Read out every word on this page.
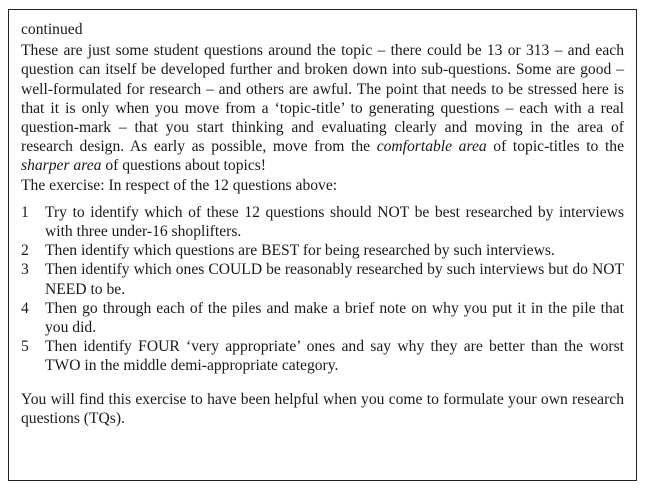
continued

These are just some student questions around the topic – there could be 13 or 313 – and each question can itself be developed further and broken down into sub-questions. Some are good – well-formulated for research – and others are awful. The point that needs to be stressed here is that it is only when you move from a ‘topic-title’ to generating questions – each with a real question-mark – that you start thinking and evaluating clearly and moving in the area of research design. As early as possible, move from the comfortable area of topic-titles to the sharper area of questions about topics!

The exercise: In respect of the 12 questions above:

1	Try to identify which of these 12 questions should NOT be best researched by interviews with three under-16 shoplifters.
2	Then identify which questions are BEST for being researched by such interviews.
3	Then identify which ones COULD be reasonably researched by such interviews but do NOT NEED to be.
4	Then go through each of the piles and make a brief note on why you put it in the pile that you did.
5	Then identify FOUR ‘very appropriate’ ones and say why they are better than the worst TWO in the middle demi-appropriate category.

You will find this exercise to have been helpful when you come to formulate your own research questions (TQs).
